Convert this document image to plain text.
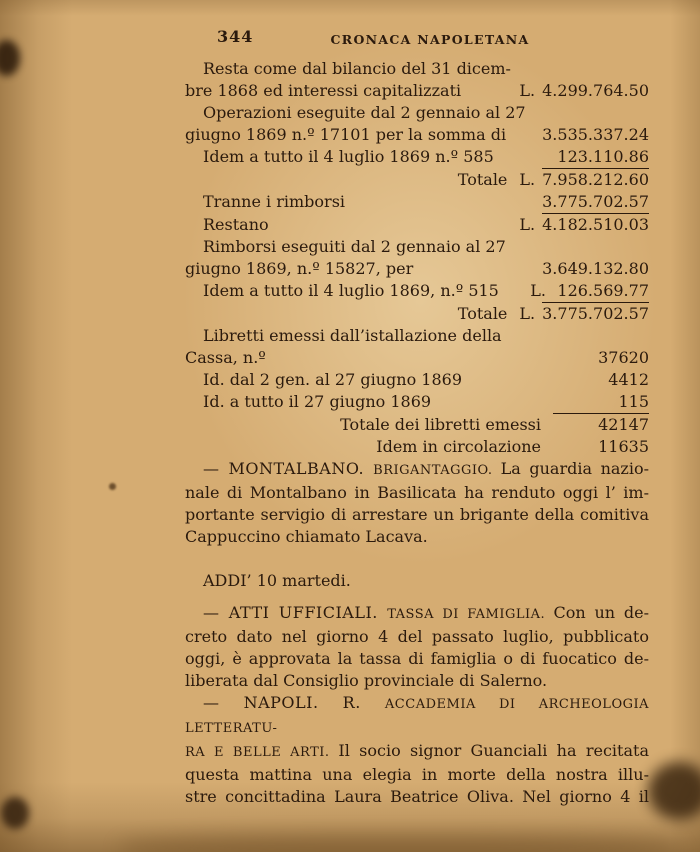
344	CRONACA NAPOLETANA
Resta come dal bilancio del 31 dicem-
bre 1868 ed interessi capitalizzati	L. 4.299.764.50
Operazioni eseguite dal 2 gennaio al 27
giugno 1869 n.º 17101 per la somma di	3.535.337.24
Idem a tutto il 4 luglio 1869 n.º 585	123.110.86
Totale L. 7.958.212.60
Tranne i rimborsi	3.775.702.57
Restano	L. 4.182.510.03
Rimborsi eseguiti dal 2 gennaio al 27
giugno 1869, n.º 15827, per	3.649.132.80
Idem a tutto il 4 luglio 1869, n.º 515	L. 126.569.77
Totale L. 3.775.702.57
Libretti emessi dall’istallazione della
Cassa, n.º	37620
Id. dal 2 gen. al 27 giugno 1869	4412
Id. a tutto il 27 giugno 1869	115
Totale dei libretti emessi	42147
Idem in circolazione	11635
— MONTALBANO. BRIGANTAGGIO. La guardia nazio-
nale di Montalbano in Basilicata ha renduto oggi l’ im-
portante servigio di arrestare un brigante della comitiva
Cappuccino chiamato Lacava.
ADDI’ 10 martedi.
— ATTI UFFICIALI. TASSA DI FAMIGLIA. Con un de-
creto dato nel giorno 4 del passato luglio, pubblicato
oggi, è approvata la tassa di famiglia o di fuocatico de-
liberata dal Consiglio provinciale di Salerno.
— NAPOLI. R. ACCADEMIA DI ARCHEOLOGIA LETTERATU-
RA E BELLE ARTI. Il socio signor Guanciali ha recitata
questa mattina una elegia in morte della nostra illu-
stre concittadina Laura Beatrice Oliva. Nel giorno 4 il
